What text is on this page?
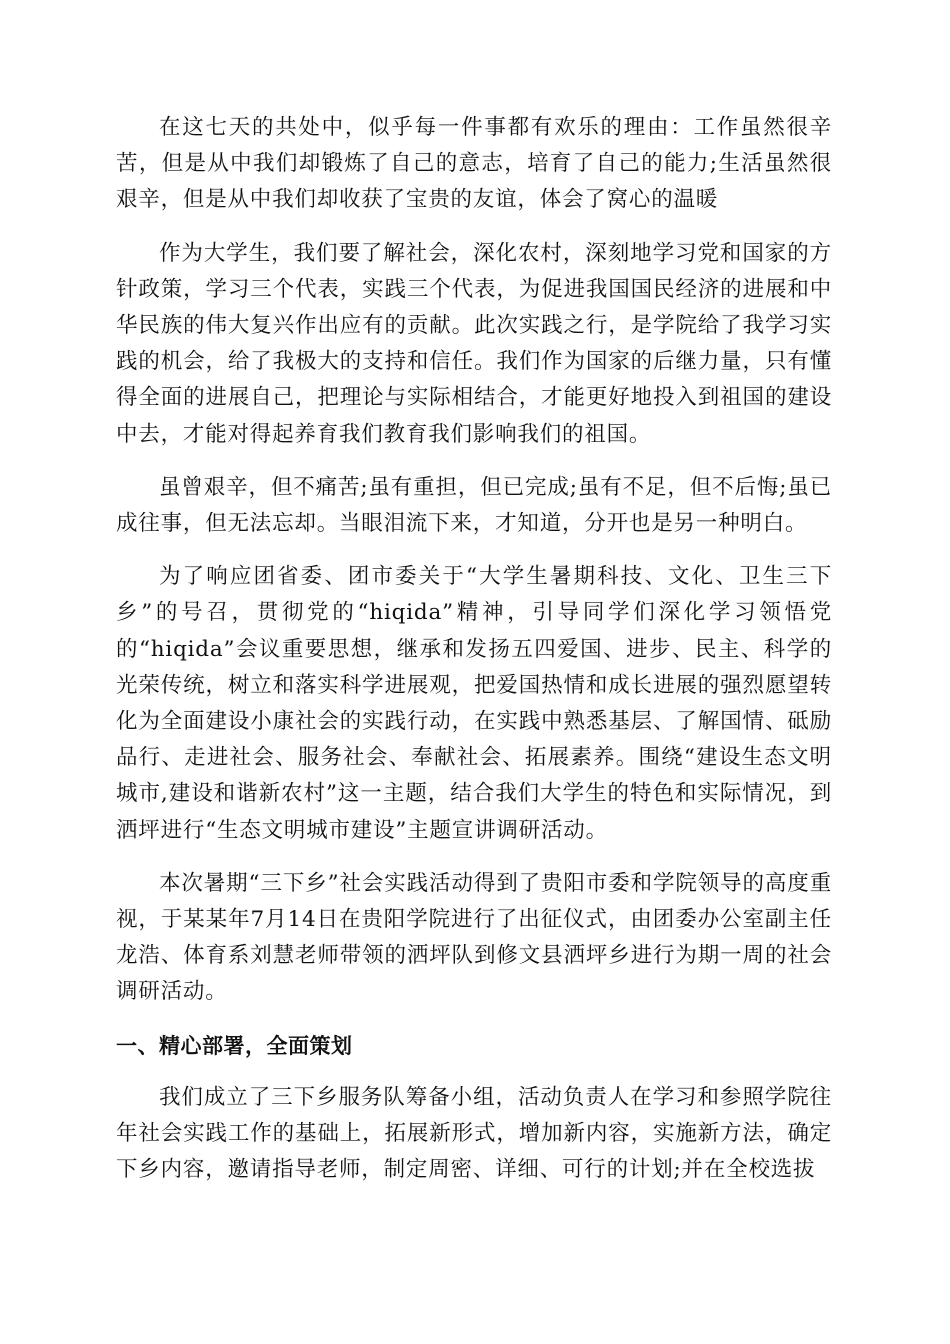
在这七天的共处中，似乎每一件事都有欢乐的理由：工作虽然很辛苦，但是从中我们却锻炼了自己的意志，培育了自己的能力;生活虽然很艰辛，但是从中我们却收获了宝贵的友谊，体会了窝心的温暖

作为大学生，我们要了解社会，深化农村，深刻地学习党和国家的方针政策，学习三个代表，实践三个代表，为促进我国国民经济的进展和中华民族的伟大复兴作出应有的贡献。此次实践之行，是学院给了我学习实践的机会，给了我极大的支持和信任。我们作为国家的后继力量，只有懂得全面的进展自己，把理论与实际相结合，才能更好地投入到祖国的建设中去，才能对得起养育我们教育我们影响我们的祖国。

虽曾艰辛，但不痛苦;虽有重担，但已完成;虽有不足，但不后悔;虽已成往事，但无法忘却。当眼泪流下来，才知道，分开也是另一种明白。

为了响应团省委、团市委关于“大学生暑期科技、文化、卫生三下乡”的号召，贯彻党的“hiqida”精神，引导同学们深化学习领悟党的“hiqida”会议重要思想，继承和发扬五四爱国、进步、民主、科学的光荣传统，树立和落实科学进展观，把爱国热情和成长进展的强烈愿望转化为全面建设小康社会的实践行动，在实践中熟悉基层、了解国情、砥励品行、走进社会、服务社会、奉献社会、拓展素养。围绕“建设生态文明城市,建设和谐新农村”这一主题，结合我们大学生的特色和实际情况，到洒坪进行“生态文明城市建设”主题宣讲调研活动。

本次暑期“三下乡”社会实践活动得到了贵阳市委和学院领导的高度重视，于某某年7月14日在贵阳学院进行了出征仪式，由团委办公室副主任龙浩、体育系刘慧老师带领的洒坪队到修文县洒坪乡进行为期一周的社会调研活动。

一、精心部署，全面策划

我们成立了三下乡服务队筹备小组，活动负责人在学习和参照学院往年社会实践工作的基础上，拓展新形式，增加新内容，实施新方法，确定下乡内容，邀请指导老师，制定周密、详细、可行的计划;并在全校选拔
